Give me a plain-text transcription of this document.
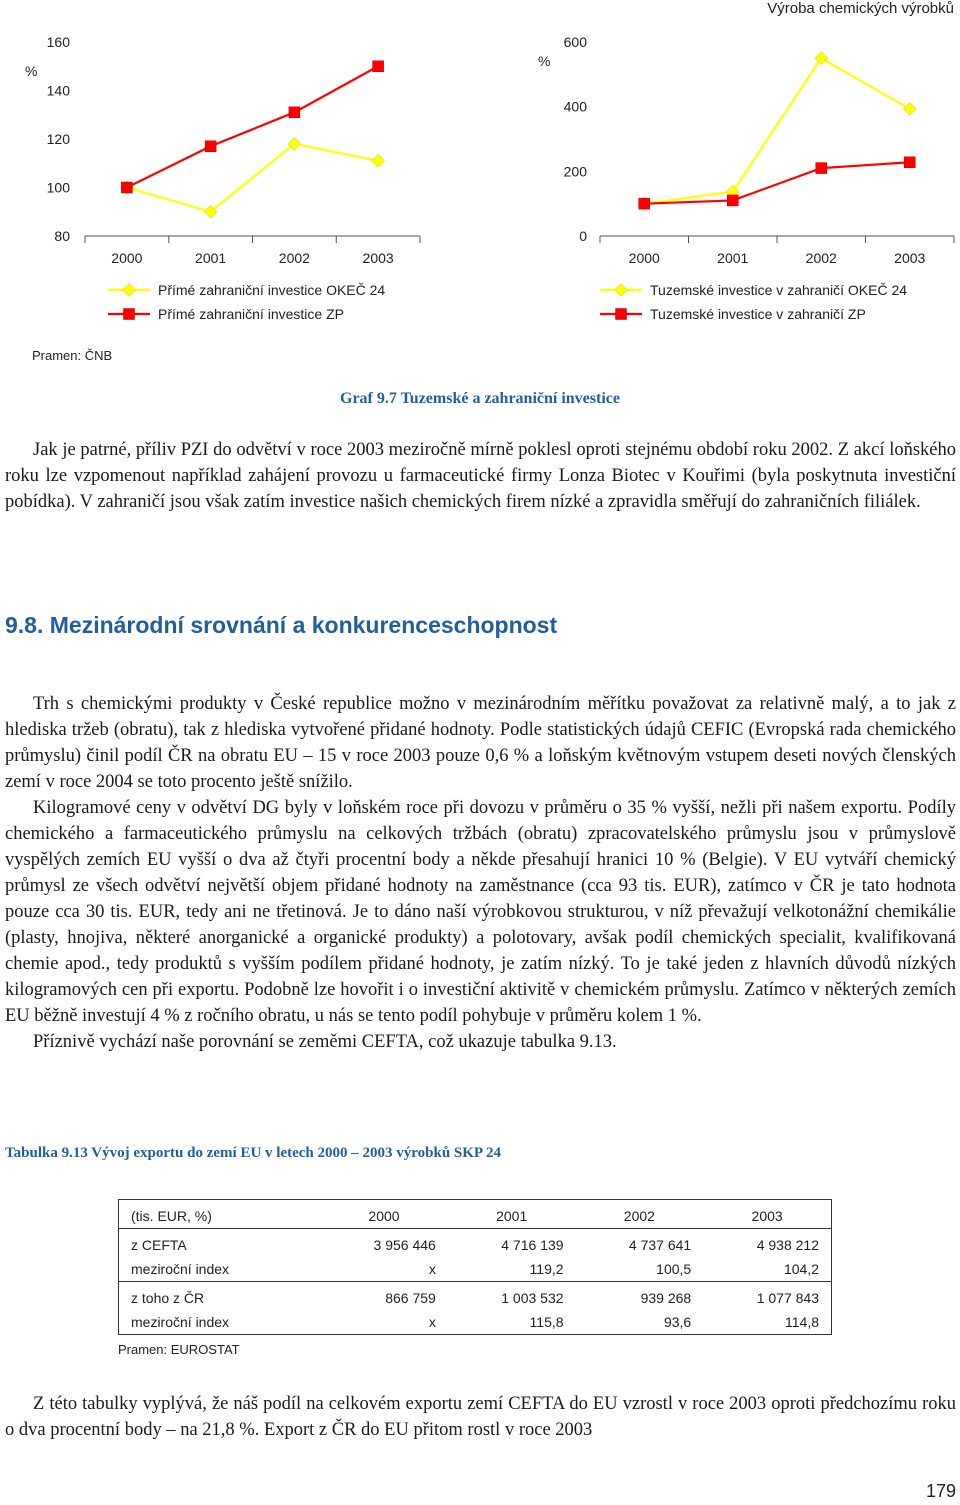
Výroba chemických výrobků
%
80
100
120
140
160
2000	2001	2002	2003
Přímé zahraniční investice OKEČ 24
Přímé zahraniční investice ZP
%
0
200
400
600
2000	2001	2002	2003
Tuzemské investice v zahraničí OKEČ 24
Tuzemské investice v zahraničí ZP
Pramen: ČNB
Graf 9.7 Tuzemské a zahraniční investice

Jak je patrné, příliv PZI do odvětví v roce 2003 meziročně mírně poklesl oproti stejnému období roku 2002. Z akcí loňského roku lze vzpomenout například zahájení provozu u farmaceutické firmy Lonza Biotec v Kouřimi (byla poskytnuta investiční pobídka). V zahraničí jsou však zatím investice našich chemických firem nízké a zpravidla směřují do zahraničních filiálek.

9.8. Mezinárodní srovnání a konkurenceschopnost

Trh s chemickými produkty v České republice možno v mezinárodním měřítku považovat za relativně malý, a to jak z hlediska tržeb (obratu), tak z hlediska vytvořené přidané hodnoty. Podle statistických údajů CEFIC (Evropská rada chemického průmyslu) činil podíl ČR na obratu EU – 15 v roce 2003 pouze 0,6 % a loňským květnovým vstupem deseti nových členských zemí v roce 2004 se toto procento ještě snížilo.

Kilogramové ceny v odvětví DG byly v loňském roce při dovozu v průměru o 35 % vyšší, nežli při našem exportu. Podíly chemického a farmaceutického průmyslu na celkových tržbách (obratu) zpracovatelského průmyslu jsou v průmyslově vyspělých zemích EU vyšší o dva až čtyři procentní body a někde přesahují hranici 10 % (Belgie). V EU vytváří chemický průmysl ze všech odvětví největší objem přidané hodnoty na zaměstnance (cca 93 tis. EUR), zatímco v ČR je tato hodnota pouze cca 30 tis. EUR, tedy ani ne třetinová. Je to dáno naší výrobkovou strukturou, v níž převažují velkotonážní chemikálie (plasty, hnojiva, některé anorganické a organické produkty) a polotovary, avšak podíl chemických specialit, kvalifikovaná chemie apod., tedy produktů s vyšším podílem přidané hodnoty, je zatím nízký. To je také jeden z hlavních důvodů nízkých kilogramových cen při exportu. Podobně lze hovořit i o investiční aktivitě v chemickém průmyslu. Zatímco v některých zemích EU běžně investují 4 % z ročního obratu, u nás se tento podíl pohybuje v průměru kolem 1 %.

Příznivě vychází naše porovnání se zeměmi CEFTA, což ukazuje tabulka 9.13.

Tabulka 9.13 Vývoj exportu do zemí EU v letech 2000 – 2003 výrobků SKP 24
(tis. EUR, %)	2000	2001	2002	2003
z CEFTA	3 956 446	4 716 139	4 737 641	4 938 212
meziroční index	x	119,2	100,5	104,2
z toho z ČR	866 759	1 003 532	939 268	1 077 843
meziroční index	x	115,8	93,6	114,8
Pramen: EUROSTAT

Z této tabulky vyplývá, že náš podíl na celkovém exportu zemí CEFTA do EU vzrostl v roce 2003 oproti předchozímu roku o dva procentní body – na 21,8 %. Export z ČR do EU přitom rostl v roce 2003

179
